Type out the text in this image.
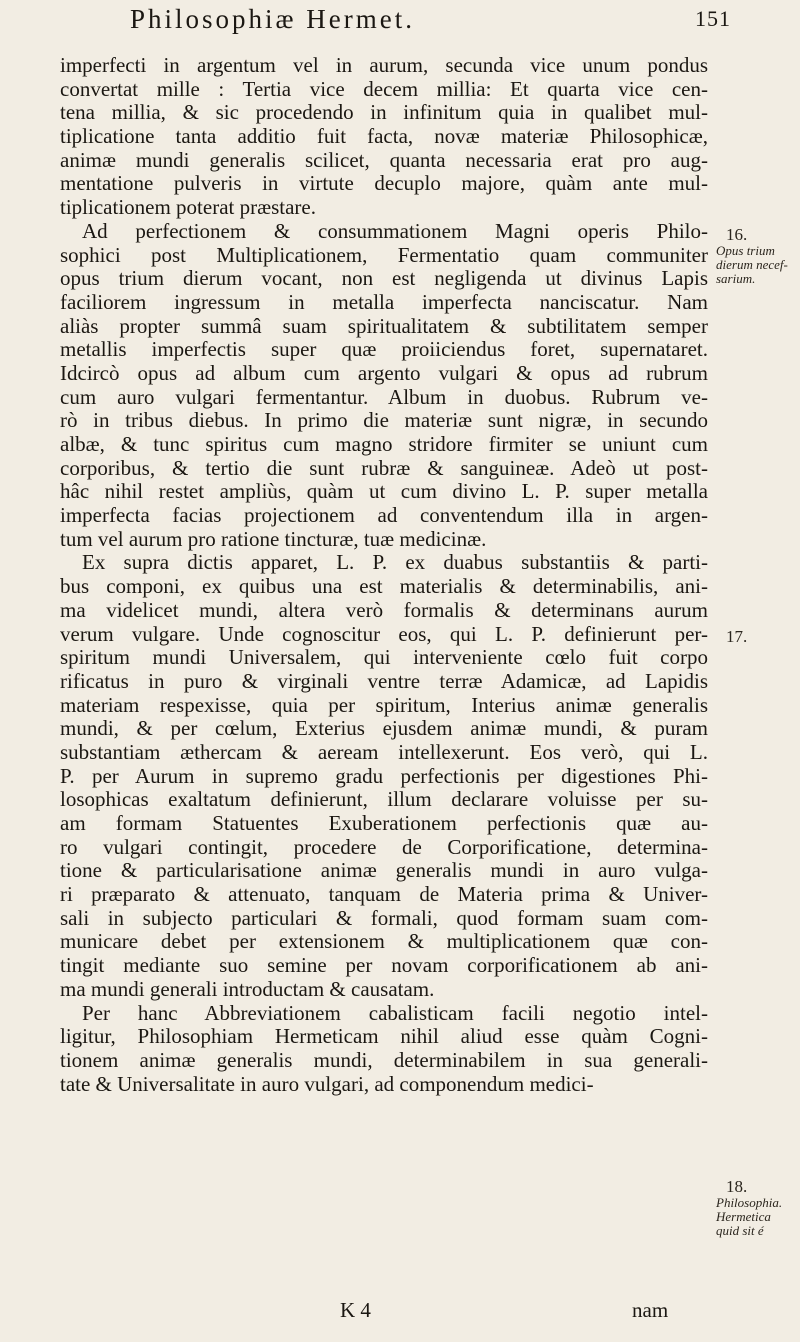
Philosophiæ Hermet.	151
imperfecti in argentum vel in aurum, secunda vice unum pondus
convertat mille : Tertia vice decem millia: Et quarta vice cen-
tena millia, & sic procedendo in infinitum quia in qualibet mul-
tiplicatione tanta additio fuit facta, novæ materiæ Philosophicæ,
animæ mundi generalis scilicet, quanta necessaria erat pro aug-
mentatione pulveris in virtute decuplo majore, quàm ante mul-
tiplicationem poterat præstare.
Ad perfectionem & consummationem Magni operis Philo-
sophici post Multiplicationem, Fermentatio quam communiter
opus trium dierum vocant, non est negligenda ut divinus Lapis
faciliorem ingressum in metalla imperfecta nanciscatur. Nam
aliàs propter summâ suam spiritualitatem & subtilitatem semper
metallis imperfectis super quæ proiiciendus foret, supernataret.
Idcircò opus ad album cum argento vulgari & opus ad rubrum
cum auro vulgari fermentantur. Album in duobus. Rubrum ve-
rò in tribus diebus. In primo die materiæ sunt nigræ, in secundo
albæ, & tunc spiritus cum magno stridore firmiter se uniunt cum
corporibus, & tertio die sunt rubræ & sanguineæ. Adeò ut post-
hâc nihil restet ampliùs, quàm ut cum divino L. P. super metalla
imperfecta facias projectionem ad conventendum illa in argen-
tum vel aurum pro ratione tincturæ, tuæ medicinæ.
Ex supra dictis apparet, L. P. ex duabus substantiis & parti-
bus componi, ex quibus una est materialis & determinabilis, ani-
ma videlicet mundi, altera verò formalis & determinans aurum
verum vulgare. Unde cognoscitur eos, qui L. P. definierunt per-
spiritum mundi Universalem, qui interveniente cœlo fuit corpo
rificatus in puro & virginali ventre terræ Adamicæ, ad Lapidis
materiam respexisse, quia per spiritum, Interius animæ generalis
mundi, & per cœlum, Exterius ejusdem animæ mundi, & puram
substantiam æthercam & aeream intellexerunt. Eos verò, qui L.
P. per Aurum in supremo gradu perfectionis per digestiones Phi-
losophicas exaltatum definierunt, illum declarare voluisse per su-
am formam Statuentes Exuberationem perfectionis quæ au-
ro vulgari contingit, procedere de Corporificatione, determina-
tione & particularisatione animæ generalis mundi in auro vulga-
ri præparato & attenuato, tanquam de Materia prima & Univer-
sali in subjecto particulari & formali, quod formam suam com-
municare debet per extensionem & multiplicationem quæ con-
tingit mediante suo semine per novam corporificationem ab ani-
ma mundi generali introductam & causatam.
Per hanc Abbreviationem cabalisticam facili negotio intel-
ligitur, Philosophiam Hermeticam nihil aliud esse quàm Cogni-
tionem animæ generalis mundi, determinabilem in sua generali-
tate & Universalitate in auro vulgari, ad componendum medici-
16.
Opus trium
dierum necef-
sarium.
17.
18.
Philosophia.
Hermetica
quid sit é
K 4	nam
